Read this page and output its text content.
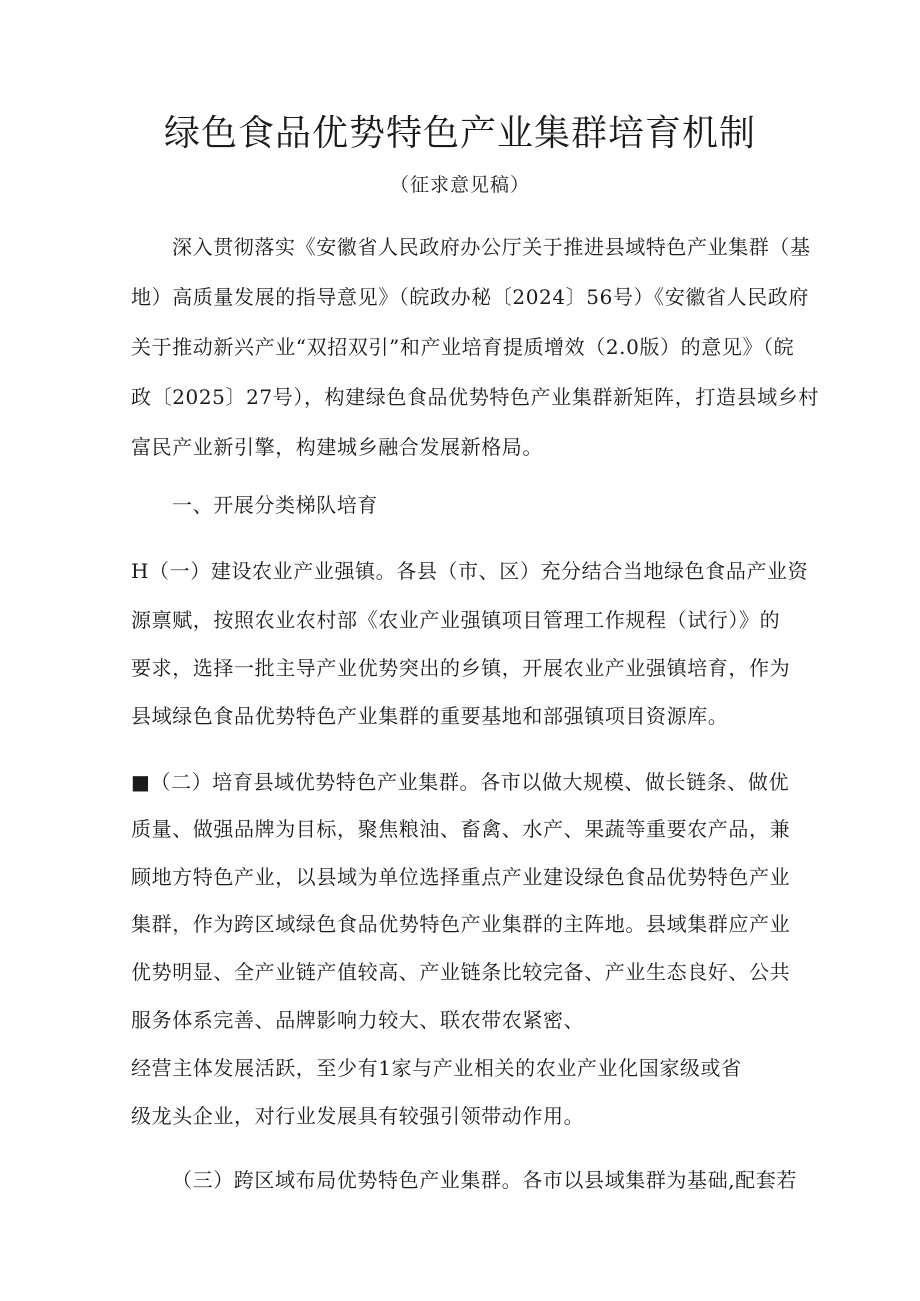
绿色食品优势特色产业集群培育机制
（征求意见稿）
深入贯彻落实《安徽省人民政府办公厅关于推进县域特色产业集群（基
地）高质量发展的指导意见》（皖政办秘〔2024〕56号）《安徽省人民政府
关于推动新兴产业“双招双引”和产业培育提质增效（2.0版）的意见》（皖
政〔2025〕27号），构建绿色食品优势特色产业集群新矩阵，打造县域乡村
富民产业新引擎，构建城乡融合发展新格局。
一、开展分类梯队培育
H（一）建设农业产业强镇。各县（市、区）充分结合当地绿色食品产业资
源禀赋，按照农业农村部《农业产业强镇项目管理工作规程（试行）》的
要求，选择一批主导产业优势突出的乡镇，开展农业产业强镇培育，作为
县域绿色食品优势特色产业集群的重要基地和部强镇项目资源库。
■（二）培育县域优势特色产业集群。各市以做大规模、做长链条、做优
质量、做强品牌为目标，聚焦粮油、畜禽、水产、果蔬等重要农产品，兼
顾地方特色产业，以县域为单位选择重点产业建设绿色食品优势特色产业
集群，作为跨区域绿色食品优势特色产业集群的主阵地。县域集群应产业
优势明显、全产业链产值较高、产业链条比较完备、产业生态良好、公共
服务体系完善、品牌影响力较大、联农带农紧密、
经营主体发展活跃，至少有1家与产业相关的农业产业化国家级或省
级龙头企业，对行业发展具有较强引领带动作用。
（三）跨区域布局优势特色产业集群。各市以县域集群为基础,配套若
